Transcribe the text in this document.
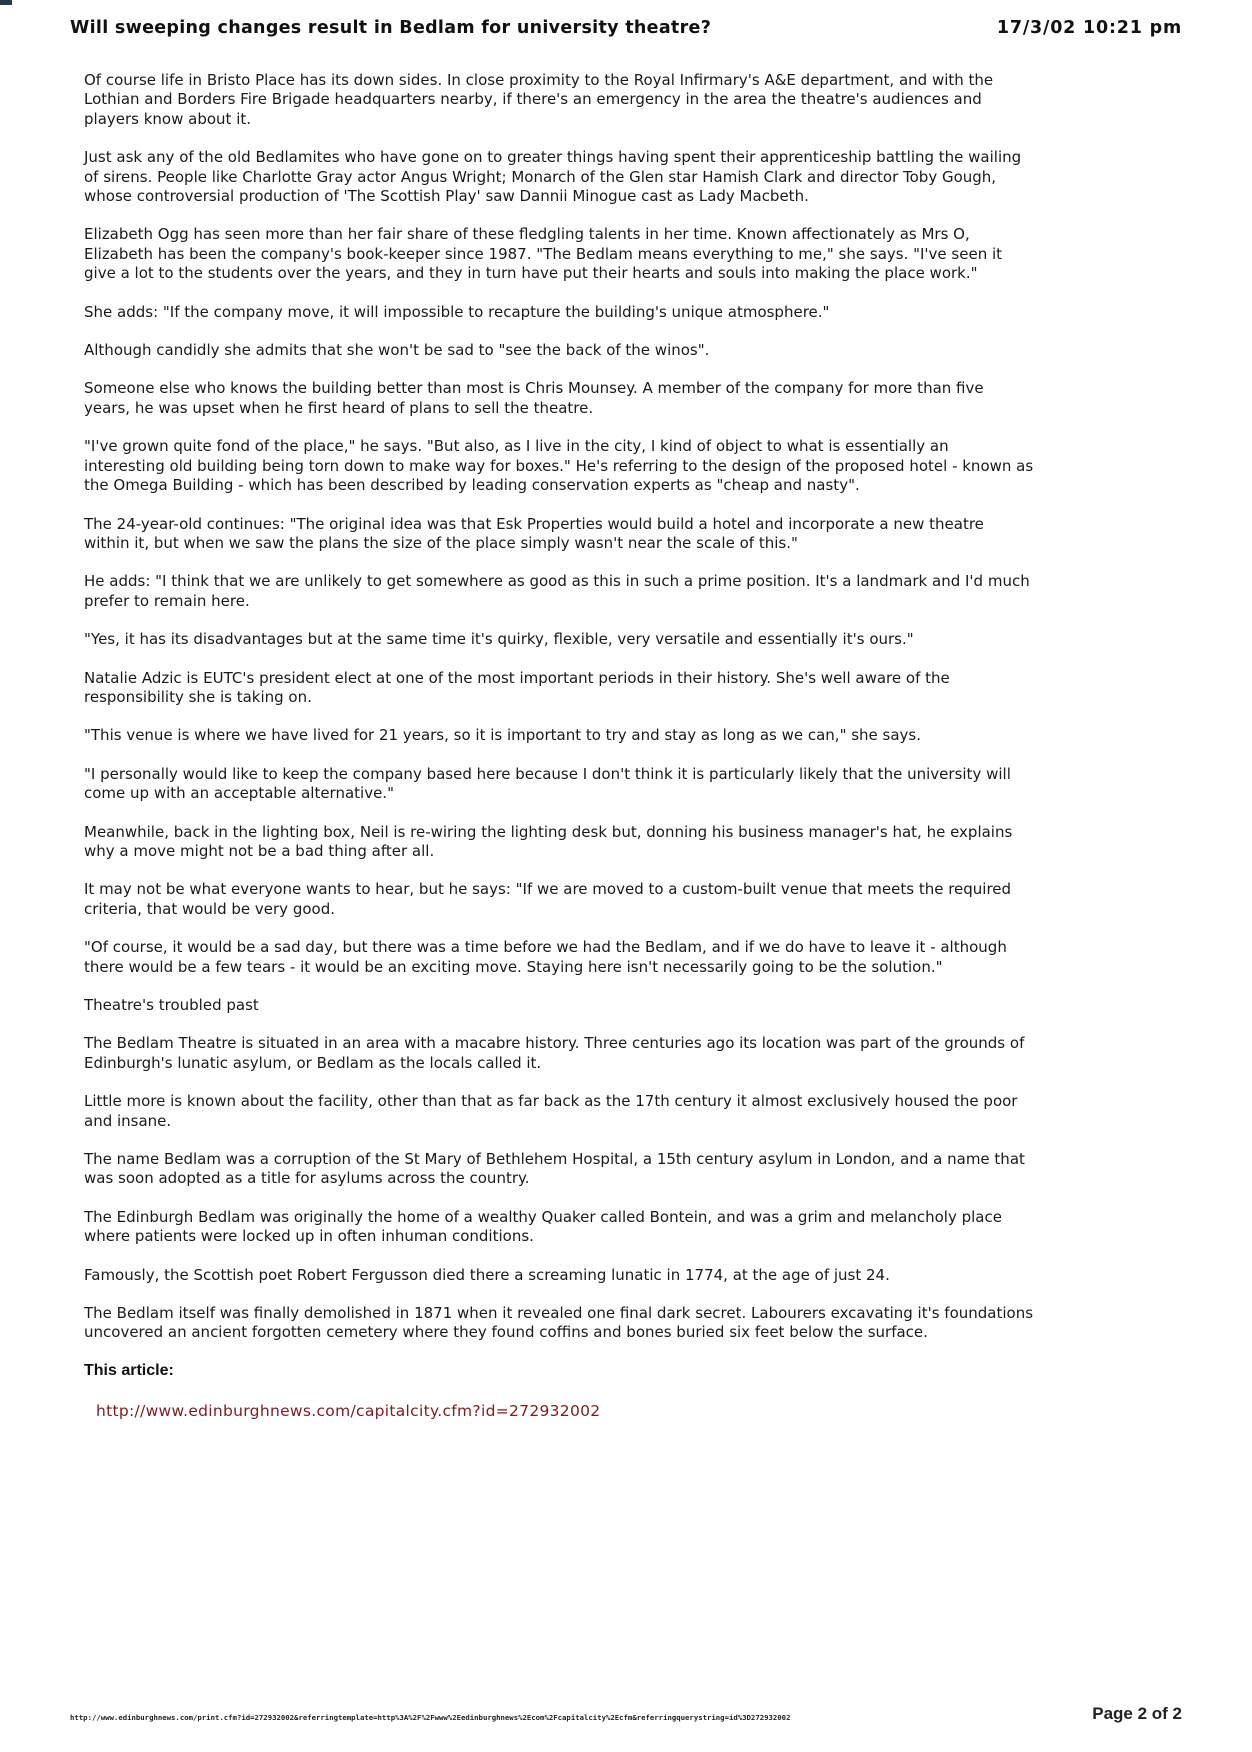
Will sweeping changes result in Bedlam for university theatre?	17/3/02 10:21 pm

Of course life in Bristo Place has its down sides. In close proximity to the Royal Infirmary's A&E department, and with the Lothian and Borders Fire Brigade headquarters nearby, if there's an emergency in the area the theatre's audiences and players know about it.

Just ask any of the old Bedlamites who have gone on to greater things having spent their apprenticeship battling the wailing of sirens. People like Charlotte Gray actor Angus Wright; Monarch of the Glen star Hamish Clark and director Toby Gough, whose controversial production of 'The Scottish Play' saw Dannii Minogue cast as Lady Macbeth.

Elizabeth Ogg has seen more than her fair share of these fledgling talents in her time. Known affectionately as Mrs O, Elizabeth has been the company's book-keeper since 1987. "The Bedlam means everything to me," she says. "I've seen it give a lot to the students over the years, and they in turn have put their hearts and souls into making the place work."

She adds: "If the company move, it will impossible to recapture the building's unique atmosphere."

Although candidly she admits that she won't be sad to "see the back of the winos".

Someone else who knows the building better than most is Chris Mounsey. A member of the company for more than five years, he was upset when he first heard of plans to sell the theatre.

"I've grown quite fond of the place," he says. "But also, as I live in the city, I kind of object to what is essentially an interesting old building being torn down to make way for boxes." He's referring to the design of the proposed hotel - known as the Omega Building - which has been described by leading conservation experts as "cheap and nasty".

The 24-year-old continues: "The original idea was that Esk Properties would build a hotel and incorporate a new theatre within it, but when we saw the plans the size of the place simply wasn't near the scale of this."

He adds: "I think that we are unlikely to get somewhere as good as this in such a prime position. It's a landmark and I'd much prefer to remain here.

"Yes, it has its disadvantages but at the same time it's quirky, flexible, very versatile and essentially it's ours."

Natalie Adzic is EUTC's president elect at one of the most important periods in their history. She's well aware of the responsibility she is taking on.

"This venue is where we have lived for 21 years, so it is important to try and stay as long as we can," she says.

"I personally would like to keep the company based here because I don't think it is particularly likely that the university will come up with an acceptable alternative."

Meanwhile, back in the lighting box, Neil is re-wiring the lighting desk but, donning his business manager's hat, he explains why a move might not be a bad thing after all.

It may not be what everyone wants to hear, but he says: "If we are moved to a custom-built venue that meets the required criteria, that would be very good.

"Of course, it would be a sad day, but there was a time before we had the Bedlam, and if we do have to leave it - although there would be a few tears - it would be an exciting move. Staying here isn't necessarily going to be the solution."

Theatre's troubled past

The Bedlam Theatre is situated in an area with a macabre history. Three centuries ago its location was part of the grounds of Edinburgh's lunatic asylum, or Bedlam as the locals called it.

Little more is known about the facility, other than that as far back as the 17th century it almost exclusively housed the poor and insane.

The name Bedlam was a corruption of the St Mary of Bethlehem Hospital, a 15th century asylum in London, and a name that was soon adopted as a title for asylums across the country.

The Edinburgh Bedlam was originally the home of a wealthy Quaker called Bontein, and was a grim and melancholy place where patients were locked up in often inhuman conditions.

Famously, the Scottish poet Robert Fergusson died there a screaming lunatic in 1774, at the age of just 24.

The Bedlam itself was finally demolished in 1871 when it revealed one final dark secret. Labourers excavating it's foundations uncovered an ancient forgotten cemetery where they found coffins and bones buried six feet below the surface.

This article:
http://www.edinburghnews.com/capitalcity.cfm?id=272932002
http://www.edinburghnews.com/print.cfm?id=272932002&referringtemplate=http%3A%2F%2Fwww%2Eedinburghnews%2Ecom%2Fcapitalcity%2Ecfm&referringquerystring=id%3D272932002	Page 2 of 2
